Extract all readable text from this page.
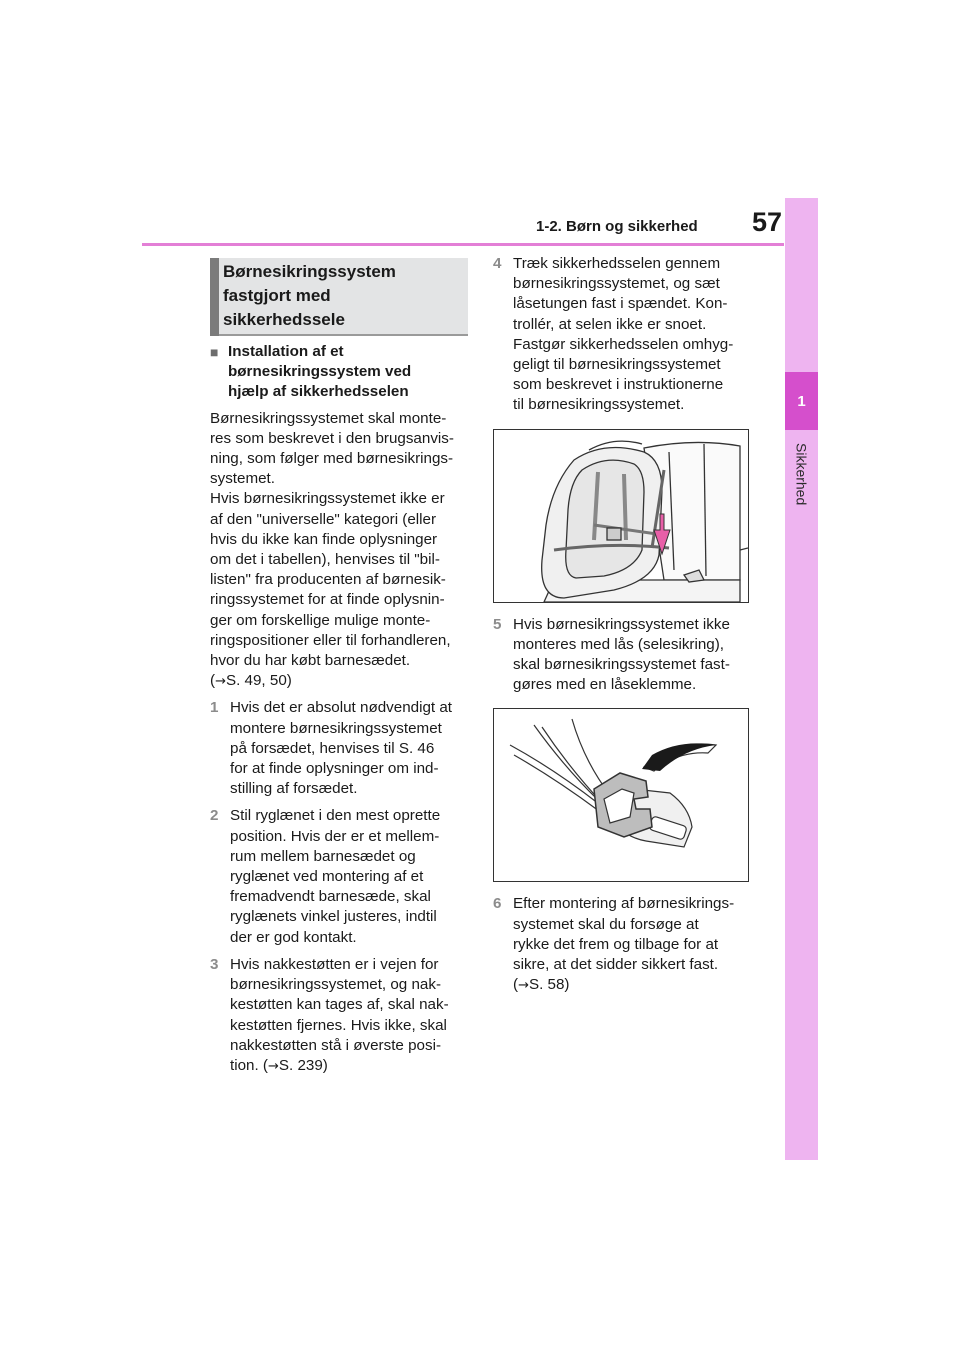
1-2. Børn og sikkerhed	57
1
Sikkerhed
Børnesikringssystem
fastgjort med
sikkerhedssele
■ Installation af et
børnesikringssystem ved
hjælp af sikkerhedsselen
Børnesikringssystemet skal monte-
res som beskrevet i den brugsanvis-
ning, som følger med børnesikrings-
systemet.
Hvis børnesikringssystemet ikke er
af den "universelle" kategori (eller
hvis du ikke kan finde oplysninger
om det i tabellen), henvises til "bil-
listen" fra producenten af børnesik-
ringssystemet for at finde oplysnin-
ger om forskellige mulige monte-
ringspositioner eller til forhandleren,
hvor du har købt barnesædet.
(→S. 49, 50)
1 Hvis det er absolut nødvendigt at
montere børnesikringssystemet
på forsædet, henvises til S. 46
for at finde oplysninger om ind-
stilling af forsædet.
2 Stil ryglænet i den mest oprette
position. Hvis der er et mellem-
rum mellem barnesædet og
ryglænet ved montering af et
fremadvendt barnesæde, skal
ryglænets vinkel justeres, indtil
der er god kontakt.
3 Hvis nakkestøtten er i vejen for
børnesikringssystemet, og nak-
kestøtten kan tages af, skal nak-
kestøtten fjernes. Hvis ikke, skal
nakkestøtten stå i øverste posi-
tion. (→S. 239)
4 Træk sikkerhedsselen gennem
børnesikringssystemet, og sæt
låsetungen fast i spændet. Kon-
trollér, at selen ikke er snoet.
Fastgør sikkerhedsselen omhyg-
geligt til børnesikringssystemet
som beskrevet i instruktionerne
til børnesikringssystemet.
5 Hvis børnesikringssystemet ikke
monteres med lås (selesikring),
skal børnesikringssystemet fast-
gøres med en låseklemme.
6 Efter montering af børnesikrings-
systemet skal du forsøge at
rykke det frem og tilbage for at
sikre, at det sidder sikkert fast.
(→S. 58)
